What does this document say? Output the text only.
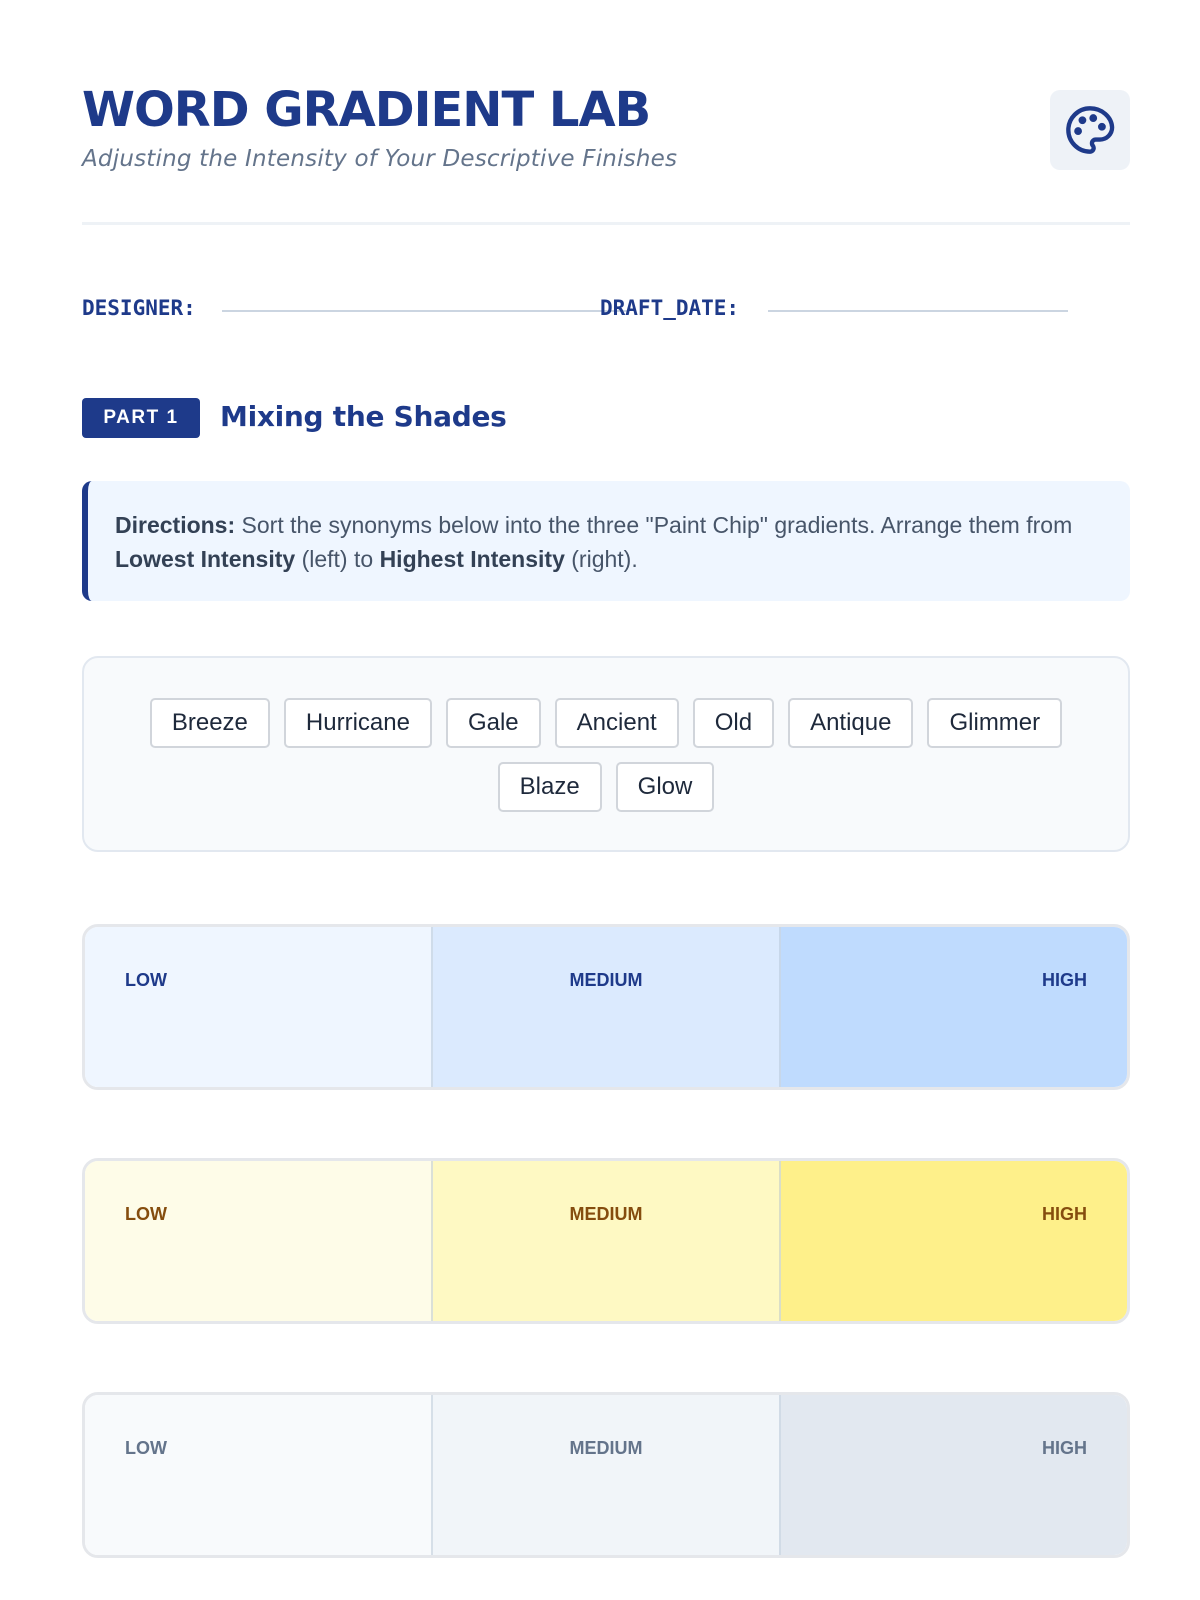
WORD GRADIENT LAB
Adjusting the Intensity of Your Descriptive Finishes
DESIGNER:	DRAFT_DATE:
PART 1	Mixing the Shades
Directions: Sort the synonyms below into the three "Paint Chip" gradients. Arrange them from Lowest Intensity (left) to Highest Intensity (right).
Breeze	Hurricane	Gale	Ancient	Old	Antique	Glimmer
Blaze	Glow
LOW	MEDIUM	HIGH
LOW	MEDIUM	HIGH
LOW	MEDIUM	HIGH
